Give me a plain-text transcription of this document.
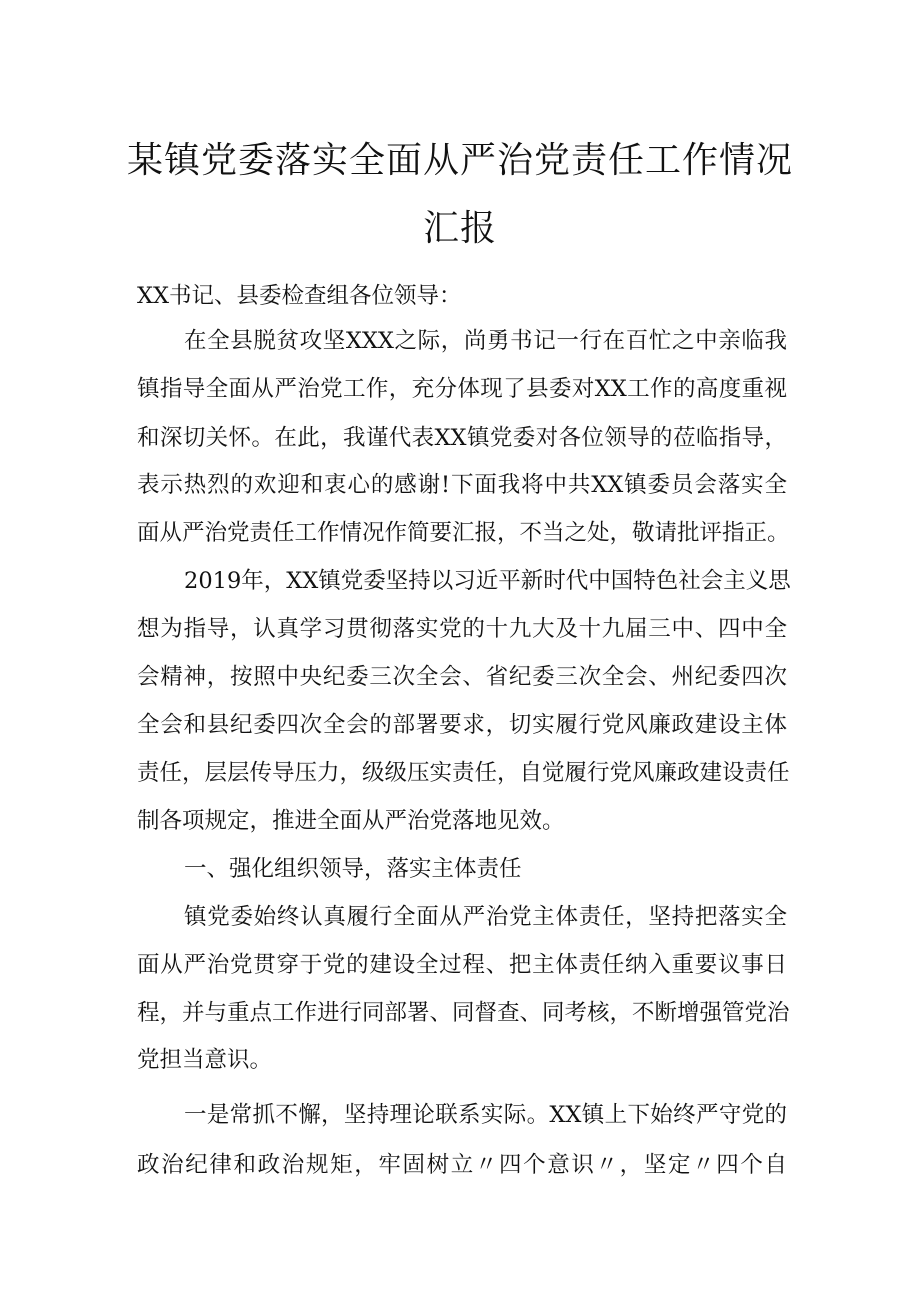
某镇党委落实全面从严治党责任工作情况
汇报

XX书记、县委检查组各位领导：

在全县脱贫攻坚XXX之际，尚勇书记一行在百忙之中亲临我

镇指导全面从严治党工作，充分体现了县委对XX工作的高度重视

和深切关怀。在此，我谨代表XX镇党委对各位领导的莅临指导，

表示热烈的欢迎和衷心的感谢!下面我将中共XX镇委员会落实全

面从严治党责任工作情况作简要汇报，不当之处，敬请批评指正。

2019年，XX镇党委坚持以习近平新时代中国特色社会主义思

想为指导，认真学习贯彻落实党的十九大及十九届三中、四中全

会精神，按照中央纪委三次全会、省纪委三次全会、州纪委四次

全会和县纪委四次全会的部署要求，切实履行党风廉政建设主体

责任，层层传导压力，级级压实责任，自觉履行党风廉政建设责任

制各项规定，推进全面从严治党落地见效。

一、强化组织领导，落实主体责任

镇党委始终认真履行全面从严治党主体责任，坚持把落实全

面从严治党贯穿于党的建设全过程、把主体责任纳入重要议事日

程，并与重点工作进行同部署、同督查、同考核，不断增强管党治

党担当意识。

一是常抓不懈，坚持理论联系实际。XX镇上下始终严守党的

政治纪律和政治规矩，牢固树立〃四个意识〃，坚定〃四个自
